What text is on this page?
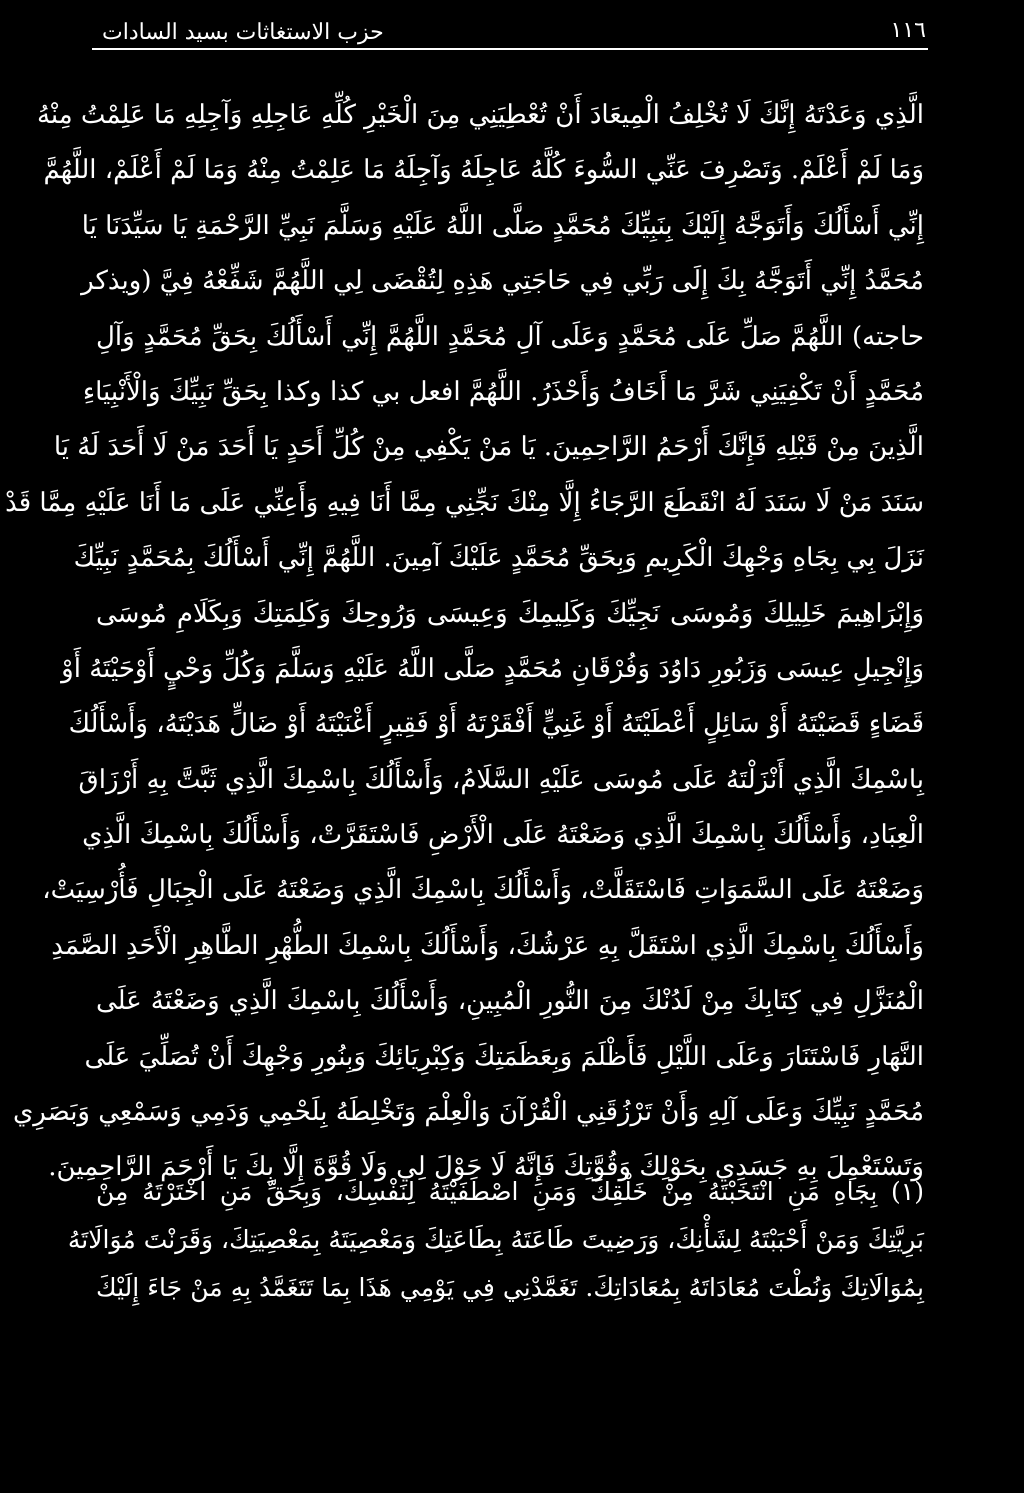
١١٦
حزب الاستغاثات بسيد السادات
الَّذِي وَعَدْتَهُ إِنَّكَ لَا تُخْلِفُ الْمِيعَادَ أَنْ تُعْطِيَنِي مِنَ الْخَيْرِ كُلِّهِ عَاجِلِهِ وَآجِلِهِ مَا عَلِمْتُ مِنْهُ
وَمَا لَمْ أَعْلَمْ. وَتَصْرِفَ عَنِّي السُّوءَ كُلَّهُ عَاجِلَهُ وَآجِلَهُ مَا عَلِمْتُ مِنْهُ وَمَا لَمْ أَعْلَمْ، اللَّهُمَّ
إِنِّي أَسْأَلُكَ وَأَتَوَجَّهُ إِلَيْكَ بِنَبِيِّكَ مُحَمَّدٍ صَلَّى اللَّهُ عَلَيْهِ وَسَلَّمَ نَبِيِّ الرَّحْمَةِ يَا سَيِّدَنَا يَا
مُحَمَّدُ إِنِّي أَتَوَجَّهُ بِكَ إِلَى رَبِّي فِي حَاجَتِي هَذِهِ لِتُقْضَى لِي اللَّهُمَّ شَفِّعْهُ فِيَّ (ويذكر
حاجته) اللَّهُمَّ صَلِّ عَلَى مُحَمَّدٍ وَعَلَى آلِ مُحَمَّدٍ اللَّهُمَّ إِنِّي أَسْأَلُكَ بِحَقِّ مُحَمَّدٍ وَآلِ
مُحَمَّدٍ أَنْ تَكْفِيَنِي شَرَّ مَا أَخَافُ وَأَحْذَرُ. اللَّهُمَّ افعل بي كذا وكذا بِحَقِّ نَبِيِّكَ وَالْأَنْبِيَاءِ
الَّذِينَ مِنْ قَبْلِهِ فَإِنَّكَ أَرْحَمُ الرَّاحِمِينَ. يَا مَنْ يَكْفِي مِنْ كُلِّ أَحَدٍ يَا أَحَدَ مَنْ لَا أَحَدَ لَهُ يَا
سَنَدَ مَنْ لَا سَنَدَ لَهُ انْقَطَعَ الرَّجَاءُ إِلَّا مِنْكَ نَجِّنِي مِمَّا أَنَا فِيهِ وَأَعِنِّي عَلَى مَا أَنَا عَلَيْهِ مِمَّا قَدْ
نَزَلَ بِي بِجَاهِ وَجْهِكَ الْكَرِيمِ وَبِحَقِّ مُحَمَّدٍ عَلَيْكَ آمِينَ. اللَّهُمَّ إِنِّي أَسْأَلُكَ بِمُحَمَّدٍ نَبِيِّكَ
وَإِبْرَاهِيمَ خَلِيلِكَ وَمُوسَى نَجِيِّكَ وَكَلِيمِكَ وَعِيسَى وَرُوحِكَ وَكَلِمَتِكَ وَبِكَلَامِ مُوسَى
وَإِنْجِيلِ عِيسَى وَزَبُورِ دَاوُدَ وَفُرْقَانِ مُحَمَّدٍ صَلَّى اللَّهُ عَلَيْهِ وَسَلَّمَ وَكُلِّ وَحْيٍ أَوْحَيْتَهُ أَوْ
قَضَاءٍ قَضَيْتَهُ أَوْ سَائِلٍ أَعْطَيْتَهُ أَوْ غَنِيٍّ أَفْقَرْتَهُ أَوْ فَقِيرٍ أَغْنَيْتَهُ أَوْ ضَالٍّ هَدَيْتَهُ، وَأَسْأَلُكَ
بِاسْمِكَ الَّذِي أَنْزَلْتَهُ عَلَى مُوسَى عَلَيْهِ السَّلَامُ، وَأَسْأَلُكَ بِاسْمِكَ الَّذِي ثَبَّتَّ بِهِ أَرْزَاقَ
الْعِبَادِ، وَأَسْأَلُكَ بِاسْمِكَ الَّذِي وَضَعْتَهُ عَلَى الْأَرْضِ فَاسْتَقَرَّتْ، وَأَسْأَلُكَ بِاسْمِكَ الَّذِي
وَضَعْتَهُ عَلَى السَّمَوَاتِ فَاسْتَقَلَّتْ، وَأَسْأَلُكَ بِاسْمِكَ الَّذِي وَضَعْتَهُ عَلَى الْجِبَالِ فَأُرْسِيَتْ،
وَأَسْأَلُكَ بِاسْمِكَ الَّذِي اسْتَقَلَّ بِهِ عَرْشُكَ، وَأَسْأَلُكَ بِاسْمِكَ الطُّهْرِ الطَّاهِرِ الْأَحَدِ الصَّمَدِ
الْمُنَزَّلِ فِي كِتَابِكَ مِنْ لَدُنْكَ مِنَ النُّورِ الْمُبِينِ، وَأَسْأَلُكَ بِاسْمِكَ الَّذِي وَضَعْتَهُ عَلَى
النَّهَارِ فَاسْتَنَارَ وَعَلَى اللَّيْلِ فَأَظْلَمَ وَبِعَظَمَتِكَ وَكِبْرِيَائِكَ وَبِنُورِ وَجْهِكَ أَنْ تُصَلِّيَ عَلَى
مُحَمَّدٍ نَبِيِّكَ وَعَلَى آلِهِ وَأَنْ تَرْزُقَنِي الْقُرْآنَ وَالْعِلْمَ وَتَخْلِطَهُ بِلَحْمِي وَدَمِي وَسَمْعِي وَبَصَرِي
وَتَسْتَعْمِلَ بِهِ جَسَدِي بِحَوْلِكَ وَقُوَّتِكَ فَإِنَّهُ لَا حَوْلَ لِي وَلَا قُوَّةَ إِلَّا بِكَ يَا أَرْحَمَ الرَّاحِمِينَ.
(١) بِجَاهِ مَنِ انْتَخَبْتَهُ مِنْ خَلْقِكَ وَمَنِ اصْطَفَيْتَهُ لِنَفْسِكَ، وَبِحَقِّ مَنِ اخْتَرْتَهُ مِنْ
بَرِيَّتِكَ وَمَنْ أَحْبَبْتَهُ لِشَأْنِكَ، وَرَضِيتَ طَاعَتَهُ بِطَاعَتِكَ وَمَعْصِيَتَهُ بِمَعْصِيَتِكَ، وَقَرَنْتَ مُوَالَاتَهُ
بِمُوَالَاتِكَ وَنُطْتَ مُعَادَاتَهُ بِمُعَادَاتِكَ. تَغَمَّدْنِي فِي يَوْمِي هَذَا بِمَا تَتَغَمَّدُ بِهِ مَنْ جَاءَ إِلَيْكَ
